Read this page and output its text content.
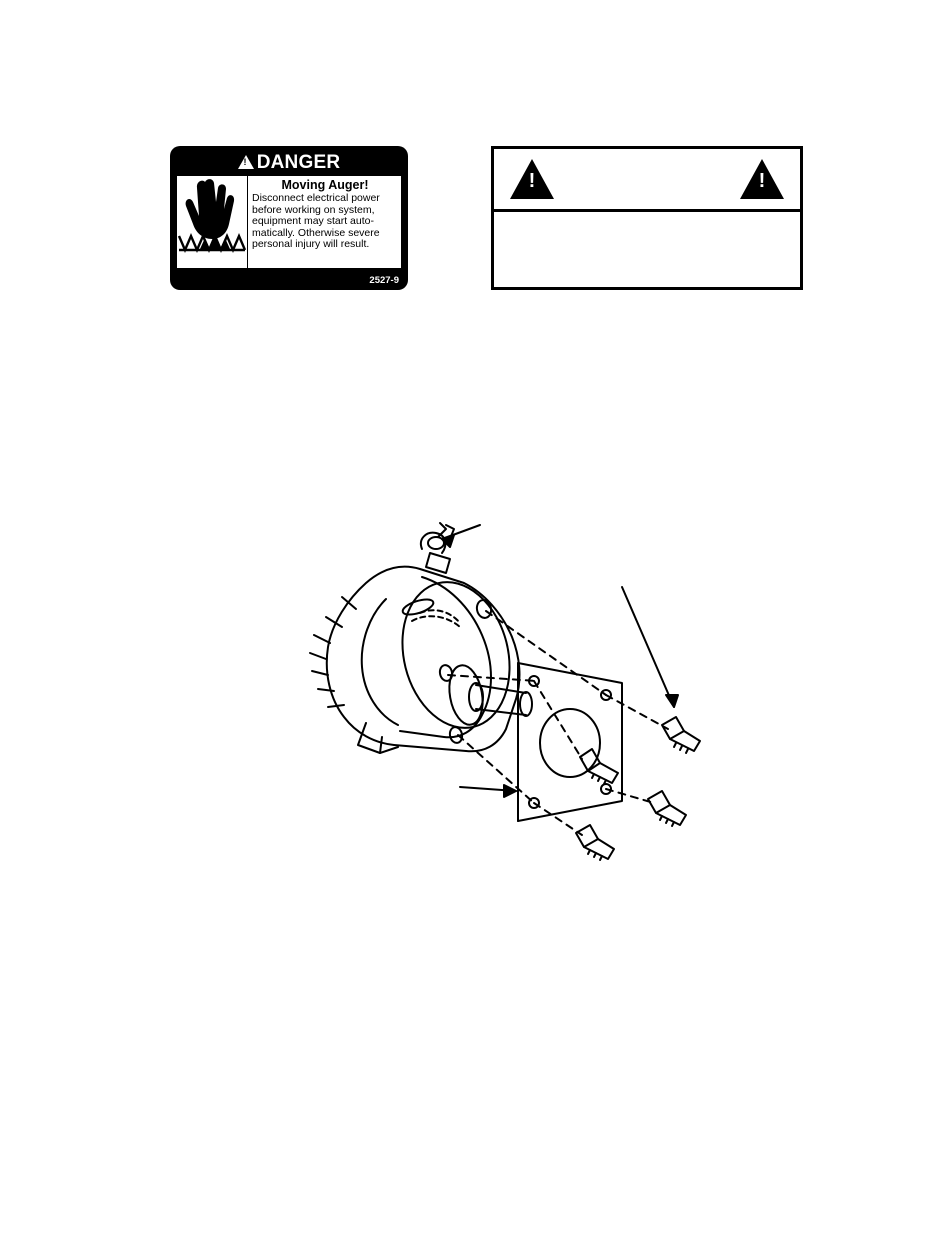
!
DANGER
Moving Auger!
Disconnect electrical power before working on system, equipment may start auto-matically. Otherwise severe personal injury will result.
2527-9
!
!
